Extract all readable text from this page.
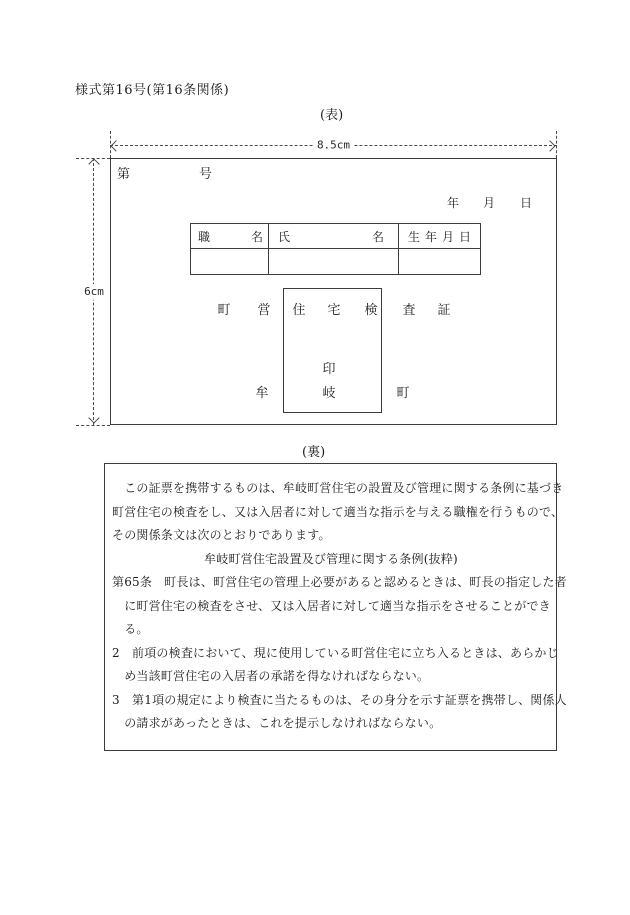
様式第16号(第16条関係)
(表)
8.5cm
6cm
第	号
年 月 日
職	名 氏	名 生年月日
町 営 住 宅 検 査 証
印
牟	岐	町
(裏)
　この証票を携帯するものは、牟岐町営住宅の設置及び管理に関する条例に基づき
町営住宅の検査をし、又は入居者に対して適当な指示を与える職権を行うもので、
その関係条文は次のとおりであります。
牟岐町営住宅設置及び管理に関する条例(抜粋)
第65条　町長は、町営住宅の管理上必要があると認めるときは、町長の指定した者
　に町営住宅の検査をさせ、又は入居者に対して適当な指示をさせることができ
　る。
2　前項の検査において、現に使用している町営住宅に立ち入るときは、あらかじ
　め当該町営住宅の入居者の承諾を得なければならない。
3　第1項の規定により検査に当たるものは、その身分を示す証票を携帯し、関係人
　の請求があったときは、これを提示しなければならない。
